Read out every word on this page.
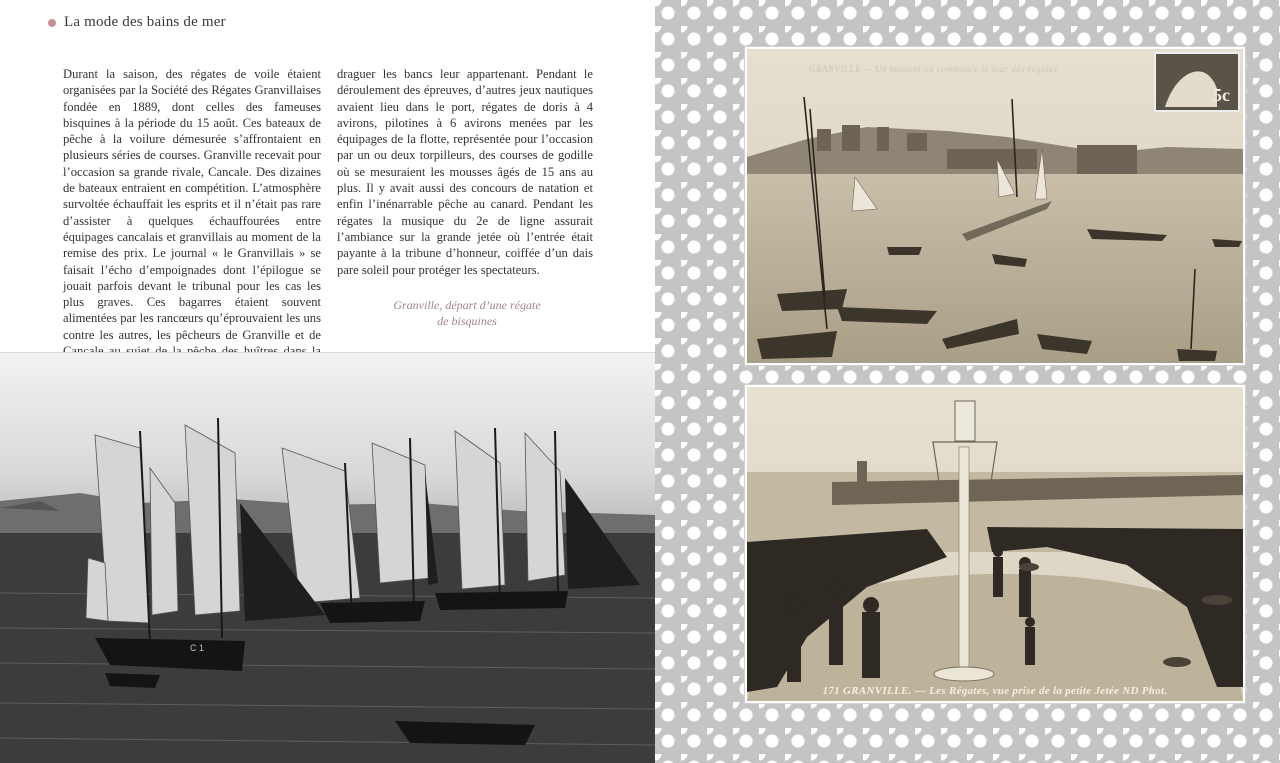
La mode des bains de mer
Durant la saison, des régates de voile étaient organisées par la Société des Régates Granvillaises fondée en 1889, dont celles des fameuses bisquines à la période du 15 août. Ces bateaux de pêche à la voilure démesurée s’affrontaient en plusieurs séries de courses. Granville recevait pour l’occasion sa grande rivale, Cancale. Des dizaines de bateaux entraient en compétition. L’atmosphère survoltée échauffait les esprits et il n’était pas rare d’assister à quelques échauffourées entre équipages cancalais et granvillais au moment de la remise des prix. Le journal « le Granvillais » se faisait l’écho d’empoignades dont l’épilogue se jouait parfois devant le tribunal pour les cas les plus graves. Ces bagarres étaient souvent alimentées par les rancœurs qu’éprouvaient les uns contre les autres, les pêcheurs de Granville et de
draguer les bancs leur appartenant. Pendant le déroulement des épreuves, d’autres jeux nautiques avaient lieu dans le port, régates de doris à 4 avirons, pilotines à 6 avirons menées par les équipages de la flotte, représentée pour l’occasion par un ou deux torpilleurs, des courses de godille où se mesuraient les mousses âgés de 15 ans au plus. Il y avait aussi des concours de natation et enfin l’inénarrable pêche au canard. Pendant les régates la musique du 2e de ligne assurait l’ambiance sur la grande jetée où l’entrée était payante à la tribune d’honneur, coiffée d’un dais pare soleil pour protéger les spectateurs.
Granville, départ d’une régate
de bisquines
C 1
5c
GRANVILLE — Un moment où commence le jour des régates
171 GRANVILLE. — Les Régates, vue prise de la petite Jetée ND Phot.
